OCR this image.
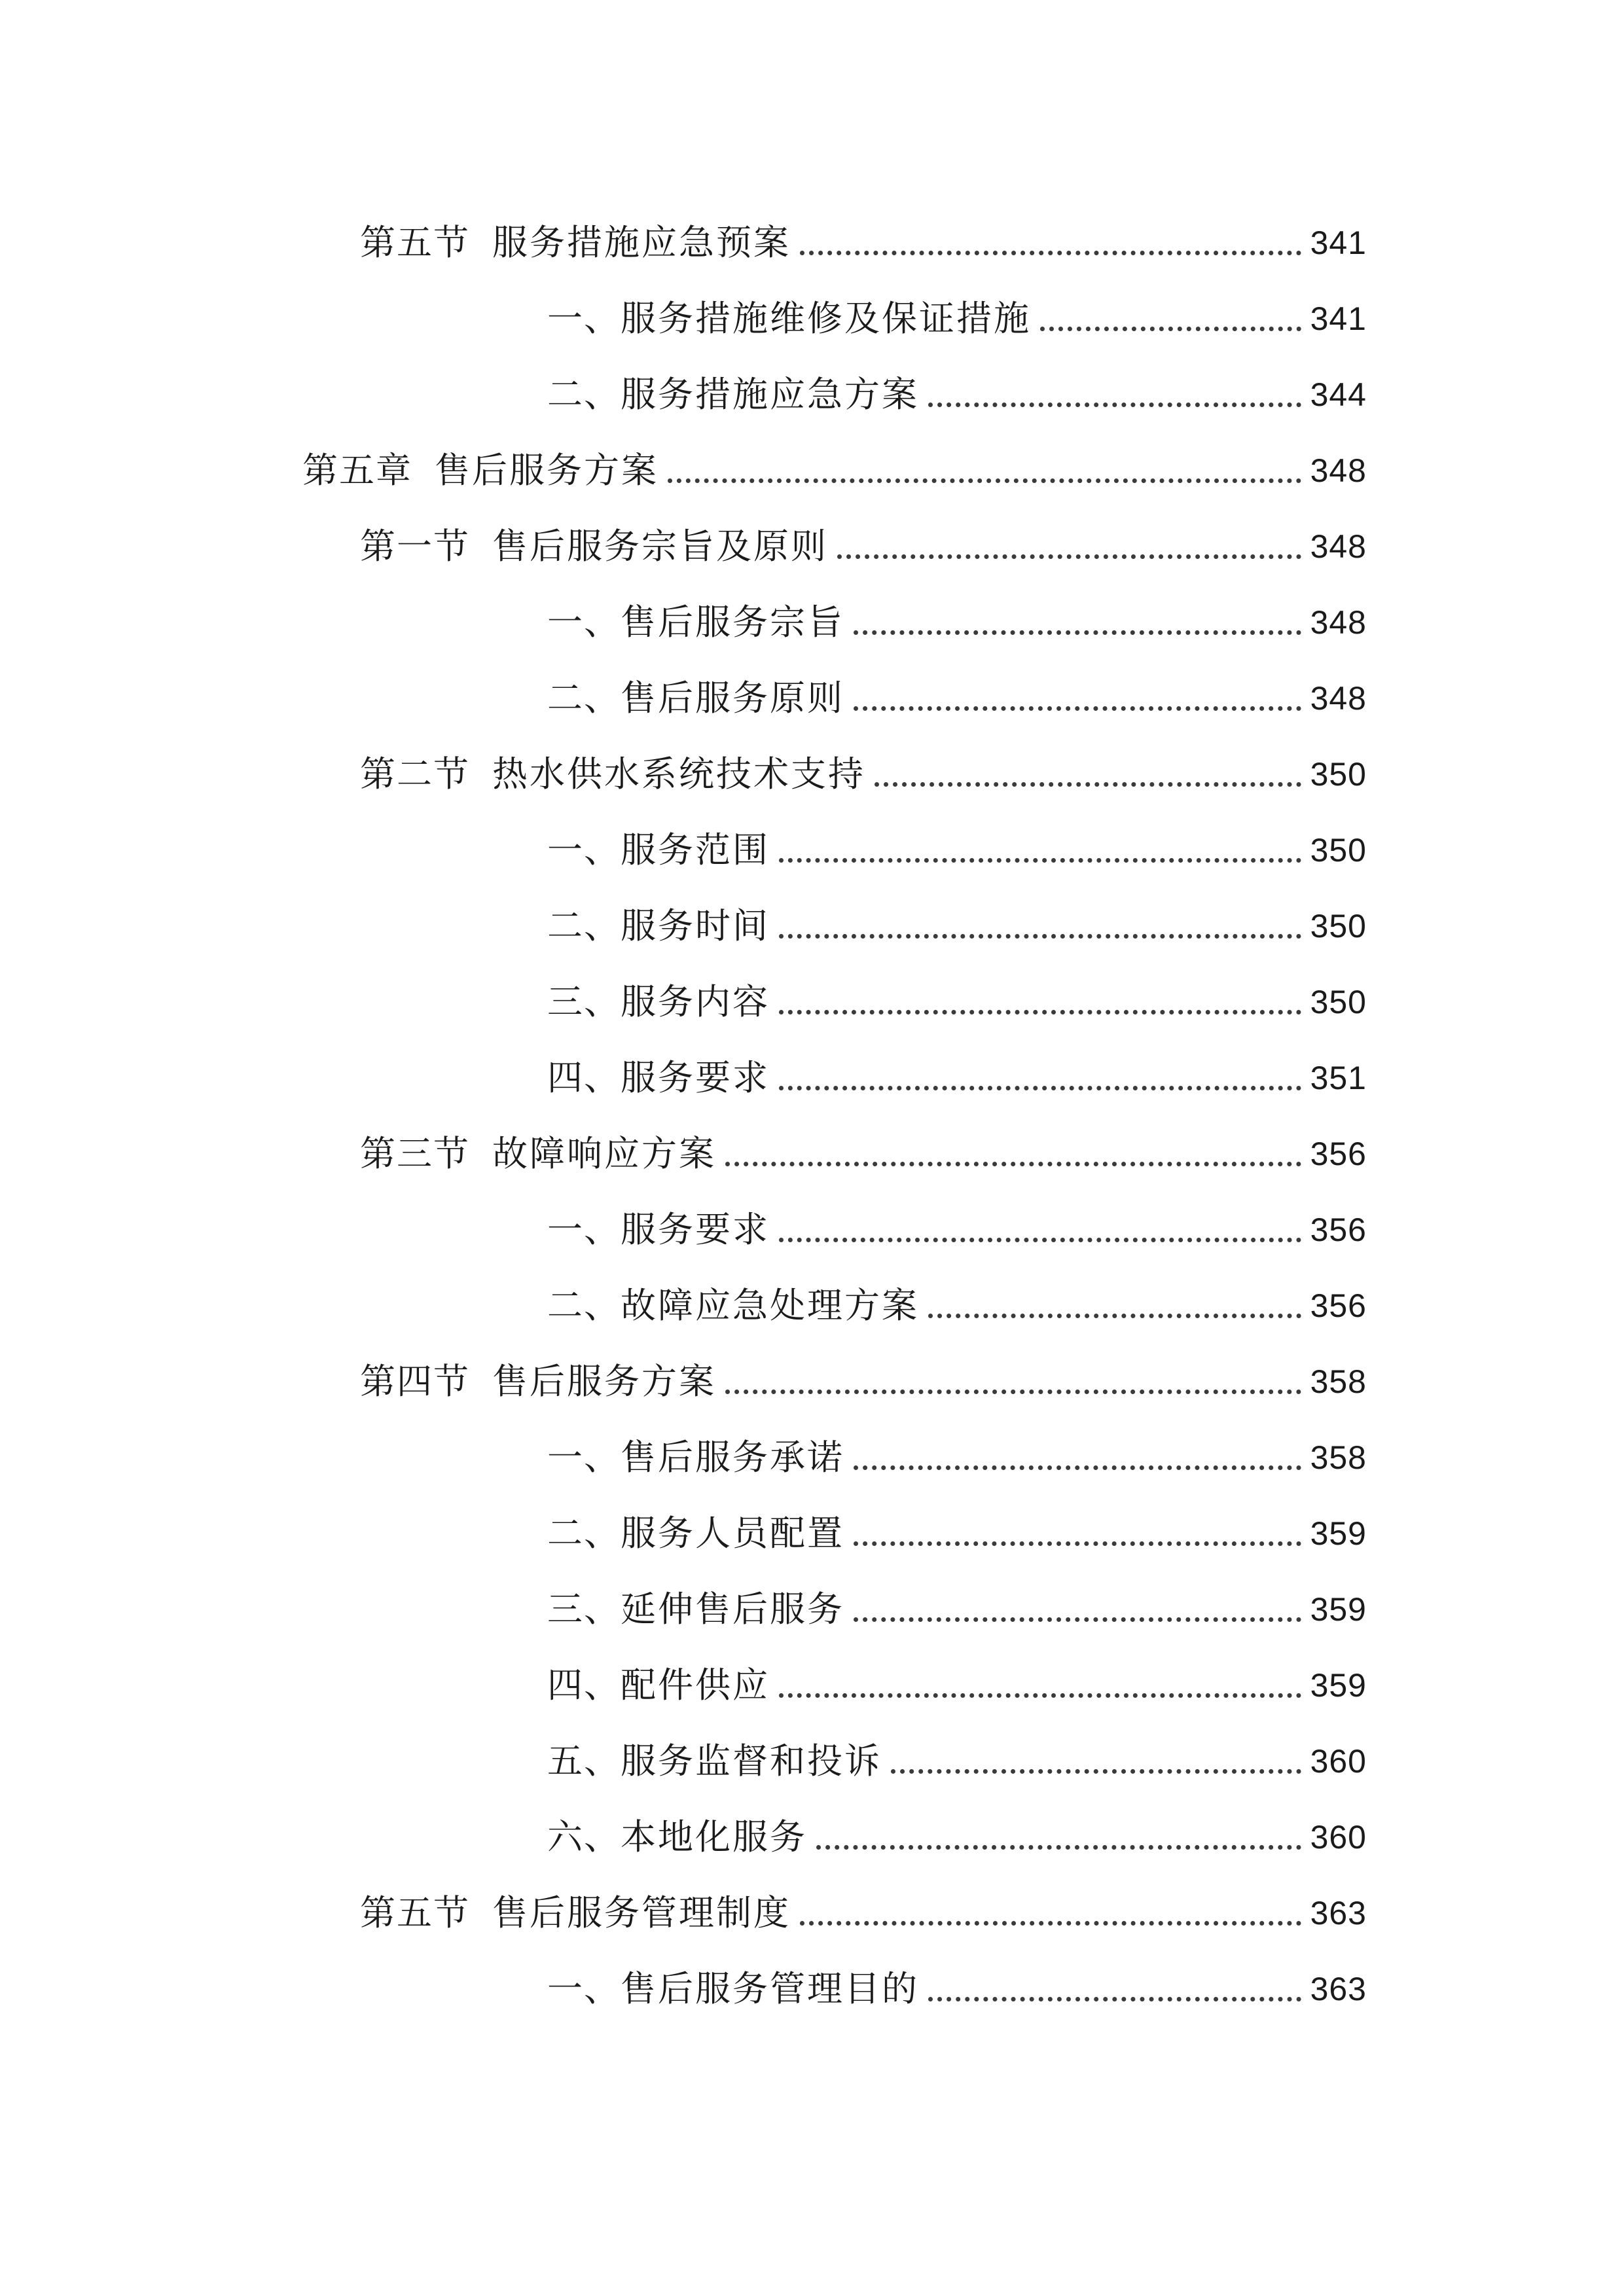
第五节 服务措施应急预案	341
一、 服务措施维修及保证措施	341
二、 服务措施应急方案	344
第五章 售后服务方案	348
第一节 售后服务宗旨及原则	348
一、 售后服务宗旨	348
二、 售后服务原则	348
第二节 热水供水系统技术支持	350
一、 服务范围	350
二、 服务时间	350
三、 服务内容	350
四、 服务要求	351
第三节 故障响应方案	356
一、 服务要求	356
二、 故障应急处理方案	356
第四节 售后服务方案	358
一、 售后服务承诺	358
二、 服务人员配置	359
三、 延伸售后服务	359
四、 配件供应	359
五、 服务监督和投诉	360
六、 本地化服务	360
第五节 售后服务管理制度	363
一、 售后服务管理目的	363
